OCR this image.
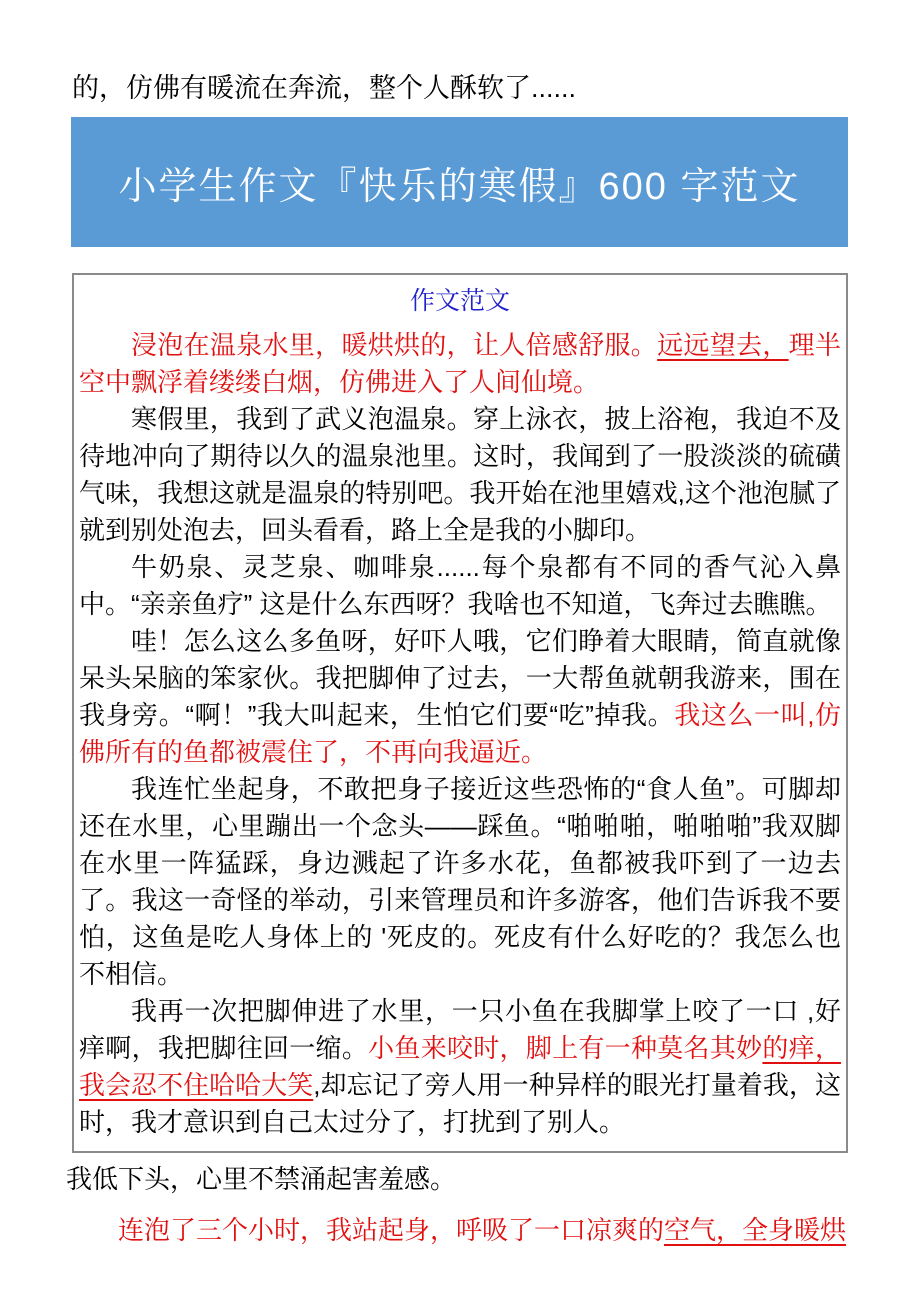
的，仿佛有暖流在奔流，整个人酥软了......
小学生作文『快乐的寒假』600 字范文
作文范文

浸泡在温泉水里，暖烘烘的，让人倍感舒服。远远望去，理半空中飘浮着缕缕白烟，仿佛进入了人间仙境。

寒假里，我到了武义泡温泉。穿上泳衣，披上浴袍，我迫不及待地冲向了期待以久的温泉池里。这时，我闻到了一股淡淡的硫磺气味，我想这就是温泉的特别吧。我开始在池里嬉戏,这个池泡腻了就到别处泡去，回头看看，路上全是我的小脚印。

牛奶泉、灵芝泉、咖啡泉......每个泉都有不同的香气沁入鼻中。“亲亲鱼疗” 这是什么东西呀？我啥也不知道，飞奔过去瞧瞧。

哇！怎么这么多鱼呀，好吓人哦，它们睁着大眼睛，简直就像呆头呆脑的笨家伙。我把脚伸了过去，一大帮鱼就朝我游来，围在我身旁。“啊！”我大叫起来，生怕它们要“吃”掉我。我这么一叫,仿佛所有的鱼都被震住了，不再向我逼近。

我连忙坐起身，不敢把身子接近这些恐怖的“食人鱼”。可脚却还在水里，心里蹦出一个念头——踩鱼。“啪啪啪，啪啪啪”我双脚在水里一阵猛踩，身边溅起了许多水花，鱼都被我吓到了一边去了。我这一奇怪的举动，引来管理员和许多游客，他们告诉我不要怕，这鱼是吃人身体上的 '死皮的。死皮有什么好吃的？我怎么也不相信。

我再一次把脚伸进了水里，一只小鱼在我脚掌上咬了一口 ,好痒啊，我把脚往回一缩。小鱼来咬时，脚上有一种莫名其妙的痒，我会忍不住哈哈大笑,却忘记了旁人用一种异样的眼光打量着我，这时，我才意识到自己太过分了，打扰到了别人。

我低下头，心里不禁涌起害羞感。

连泡了三个小时，我站起身，呼吸了一口凉爽的空气，全身暖烘
